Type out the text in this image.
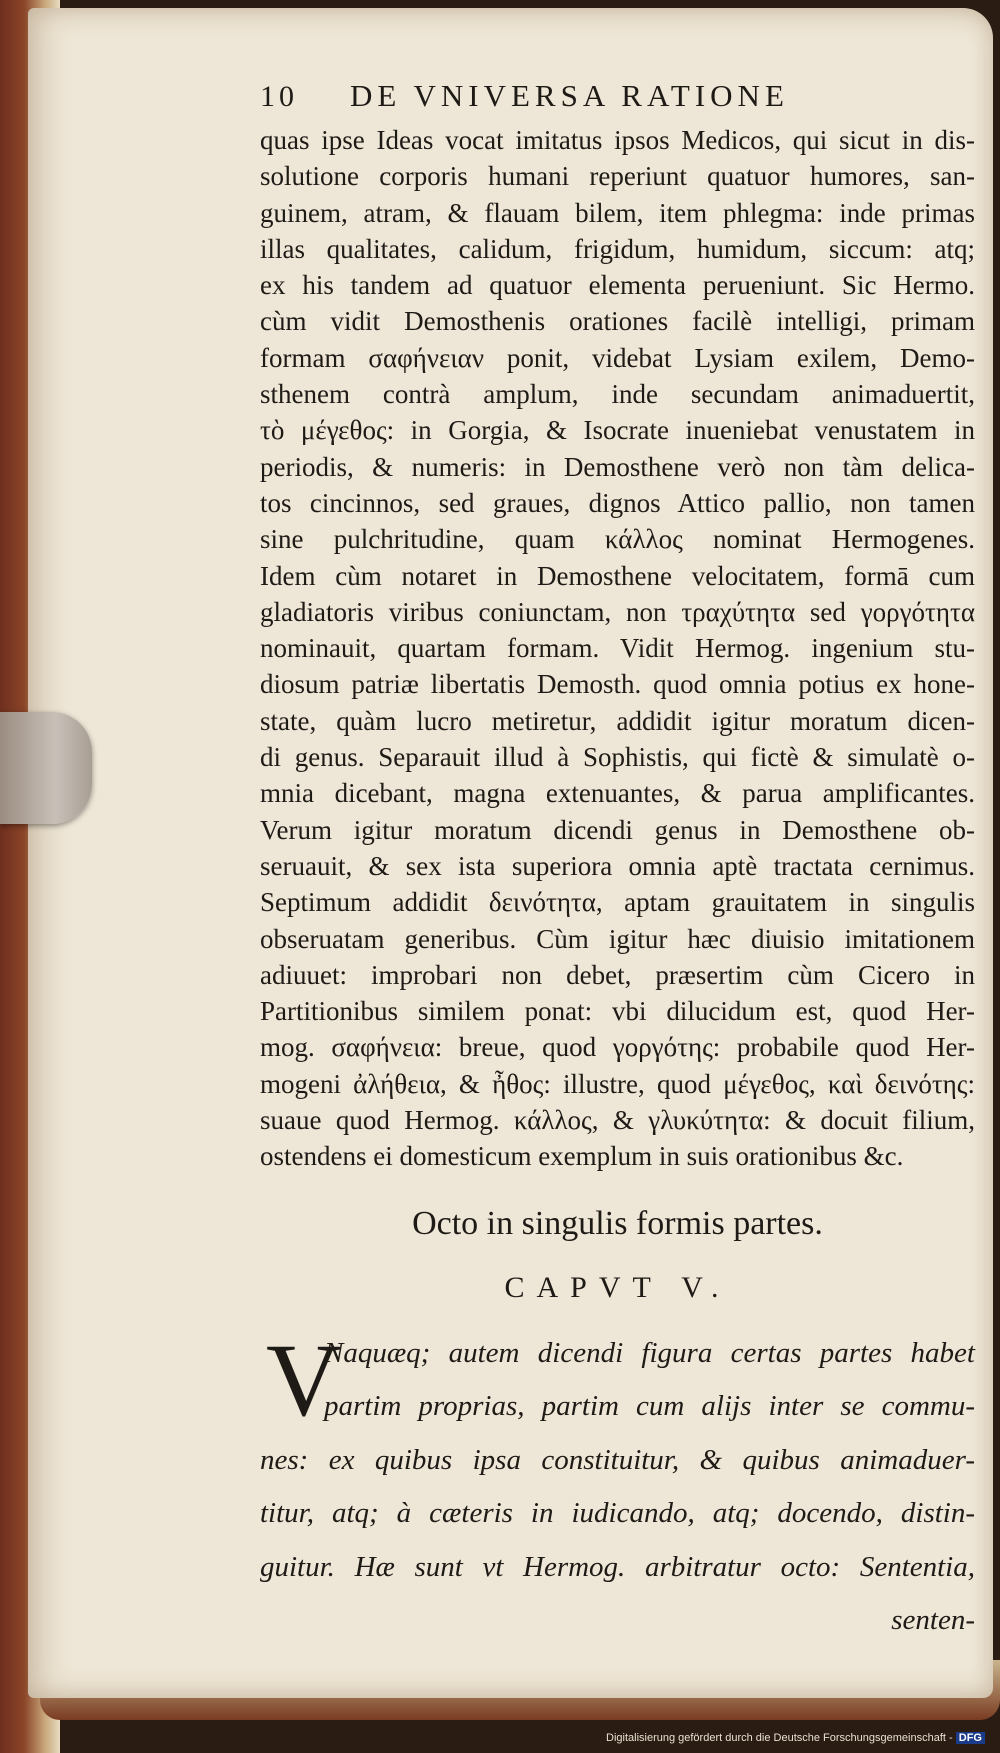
10	DE VNIVERSA RATIONE
quas ipse Ideas vocat imitatus ipsos Medicos, qui sicut in dis-
solutione corporis humani reperiunt quatuor humores, san-
guinem, atram, & flauam bilem, item phlegma: inde primas
illas qualitates, calidum, frigidum, humidum, siccum: atq;
ex his tandem ad quatuor elementa perueniunt. Sic Hermo.
cùm vidit Demosthenis orationes facilè intelligi, primam
formam σαφήνειαν ponit, videbat Lysiam exilem, Demo-
sthenem contrà amplum, inde secundam animaduertit,
τὸ μέγεθος: in Gorgia, & Isocrate inueniebat venustatem in
periodis, & numeris: in Demosthene verò non tàm delica-
tos cincinnos, sed graues, dignos Attico pallio, non tamen
sine pulchritudine, quam κάλλος nominat Hermogenes.
Idem cùm notaret in Demosthene velocitatem, formā cum
gladiatoris viribus coniunctam, non τραχύτητα sed γοργότητα
nominauit, quartam formam. Vidit Hermog. ingenium stu-
diosum patriæ libertatis Demosth. quod omnia potius ex hone-
state, quàm lucro metiretur, addidit igitur moratum dicen-
di genus. Separauit illud à Sophistis, qui fictè & simulatè o-
mnia dicebant, magna extenuantes, & parua amplificantes.
Verum igitur moratum dicendi genus in Demosthene ob-
seruauit, & sex ista superiora omnia aptè tractata cernimus.
Septimum addidit δεινότητα, aptam grauitatem in singulis
obseruatam generibus. Cùm igitur hæc diuisio imitationem
adiuuet: improbari non debet, præsertim cùm Cicero in
Partitionibus similem ponat: vbi dilucidum est, quod Her-
mog. σαφήνεια: breue, quod γοργότης: probabile quod Her-
mogeni ἀλήθεια, & ἦθος: illustre, quod μέγεθος, καὶ δεινότης:
suaue quod Hermog. κάλλος, & γλυκύτητα: & docuit filium,
ostendens ei domesticum exemplum in suis orationibus &c.
Octo in singulis formis partes.
CAPVT V.
V
Naquæq; autem dicendi figura certas partes habet
partim proprias, partim cum alijs inter se commu-
nes: ex quibus ipsa constituitur, & quibus animaduer-
titur, atq; à cæteris in iudicando, atq; docendo, distin-
guitur. Hæ sunt vt Hermog. arbitratur octo: Sententia,
senten-
Digitalisierung gefördert durch die Deutsche Forschungsgemeinschaft - DFG
